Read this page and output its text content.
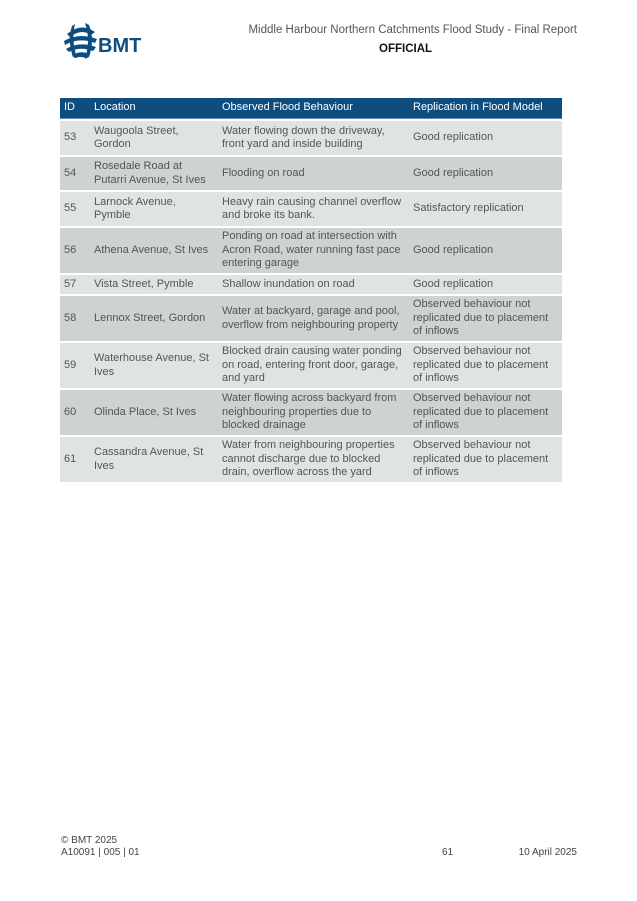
BMT
Middle Harbour Northern Catchments Flood Study - Final Report
OFFICIAL
ID	Location	Observed Flood Behaviour	Replication in Flood Model
53	Waugoola Street, Gordon	Water flowing down the driveway, front yard and inside building	Good replication
54	Rosedale Road at Putarri Avenue, St Ives	Flooding on road	Good replication
55	Larnock Avenue, Pymble	Heavy rain causing channel overflow and broke its bank.	Satisfactory replication
56	Athena Avenue, St Ives	Ponding on road at intersection with Acron Road, water running fast pace entering garage	Good replication
57	Vista Street, Pymble	Shallow inundation on road	Good replication
58	Lennox Street, Gordon	Water at backyard, garage and pool, overflow from neighbouring property	Observed behaviour not replicated due to placement of inflows
59	Waterhouse Avenue, St Ives	Blocked drain causing water ponding on road, entering front door, garage, and yard	Observed behaviour not replicated due to placement of inflows
60	Olinda Place, St Ives	Water flowing across backyard from neighbouring properties due to blocked drainage	Observed behaviour not replicated due to placement of inflows
61	Cassandra Avenue, St Ives	Water from neighbouring properties cannot discharge due to blocked drain, overflow across the yard	Observed behaviour not replicated due to placement of inflows
© BMT 2025
A10091 | 005 | 01	61	10 April 2025
